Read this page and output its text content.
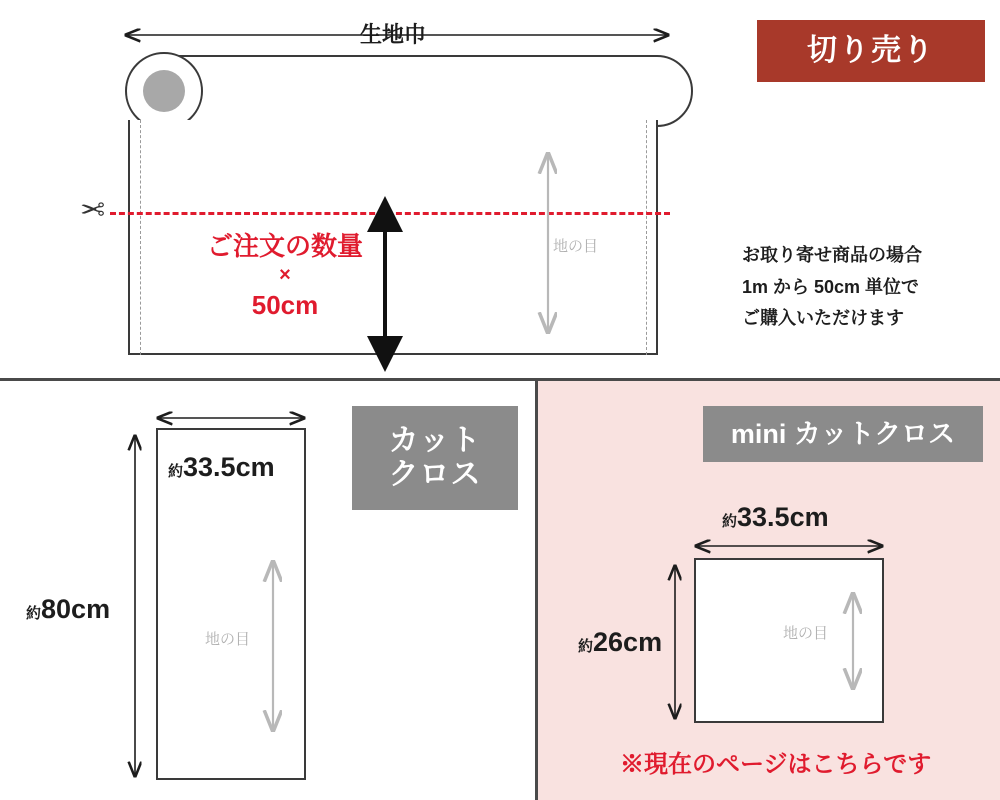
生地巾
✂
ご注文の数量
×
50cm
地の目
切り売り
お取り寄せ商品の場合
1m から 50cm 単位で
ご購入いただけます
約33.5cm
約80cm
地の目
カット
クロス
mini カットクロス
約33.5cm
約26cm	地の目
※現在のページはこちらです
